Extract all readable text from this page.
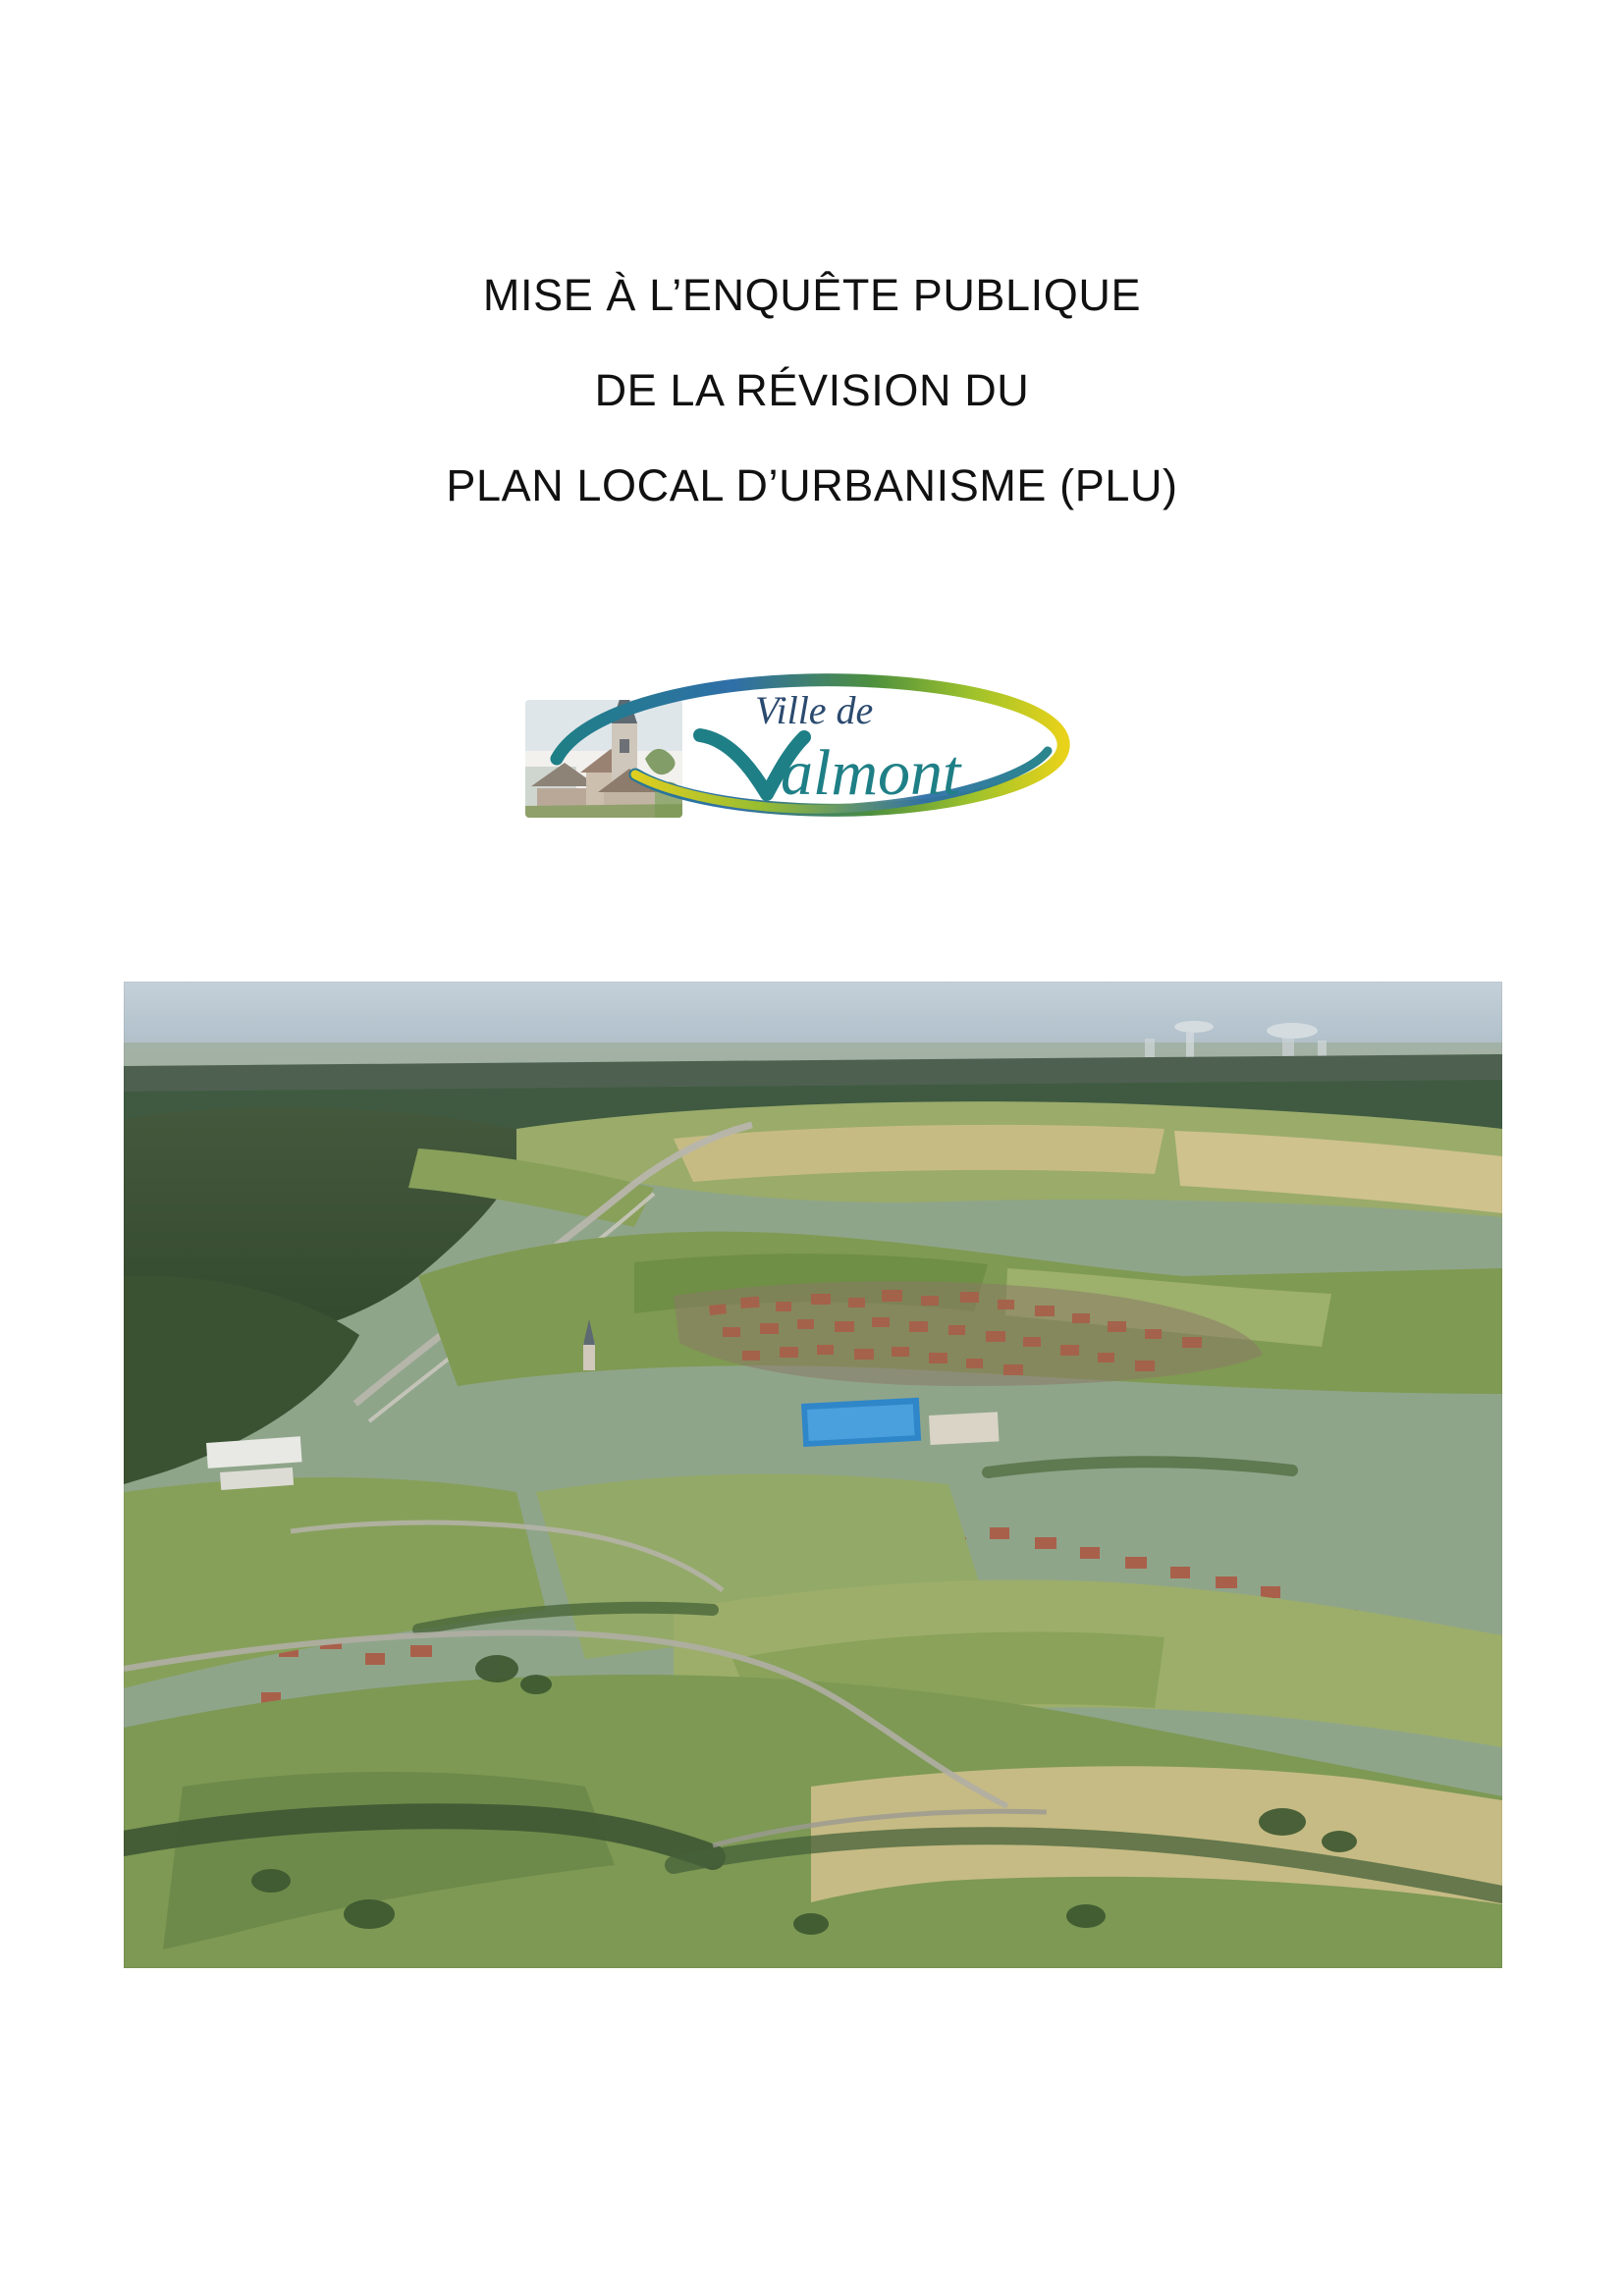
MISE À L’ENQUÊTE PUBLIQUE
DE LA RÉVISION DU
PLAN LOCAL D’URBANISME (PLU)
Ville de
almont
